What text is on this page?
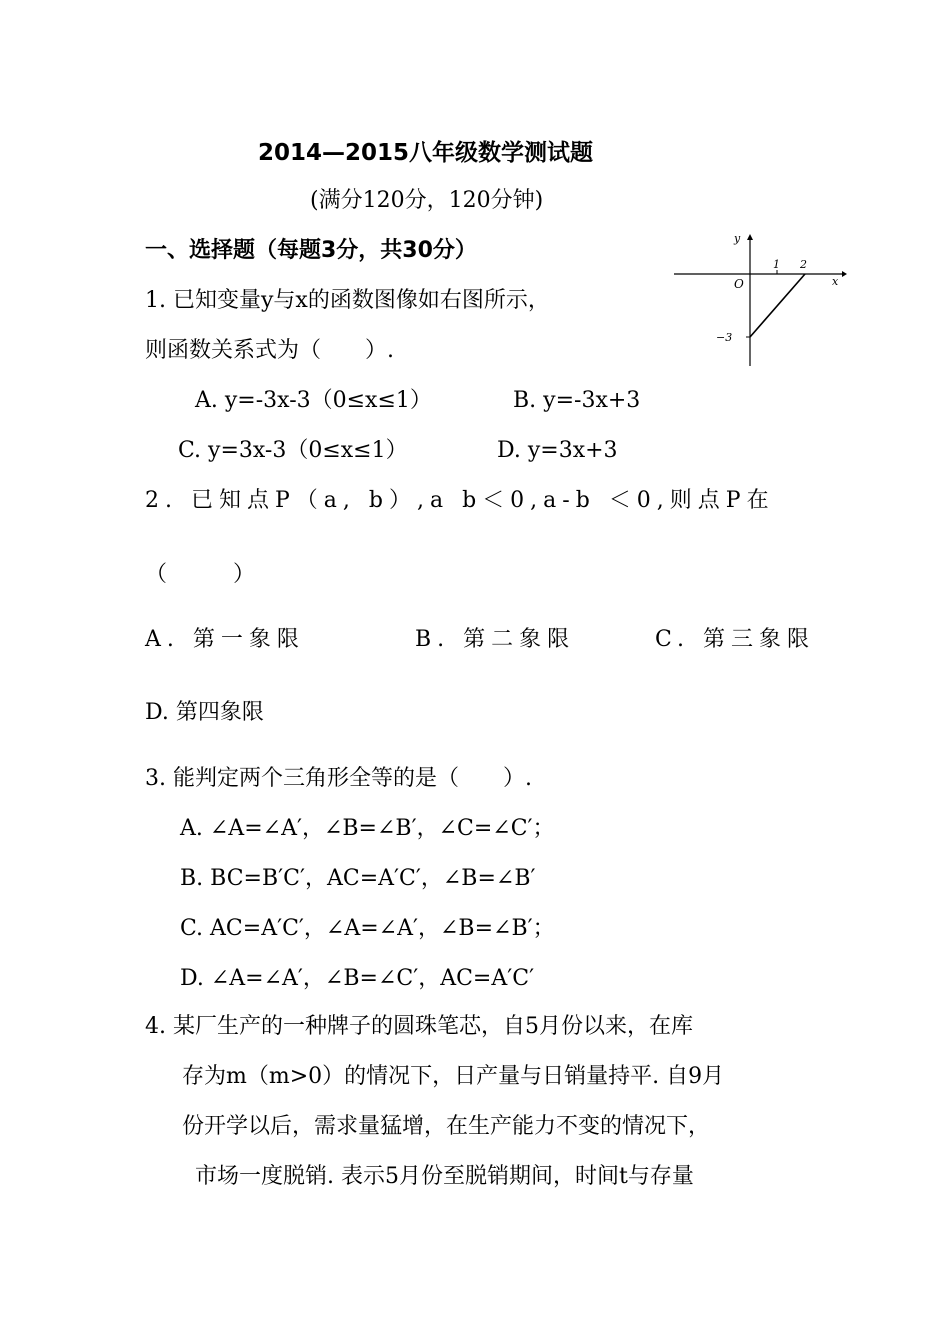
2014—2015八年级数学测试题
(满分120分，120分钟)
一、选择题（每题3分，共30分）
1. 已知变量y与x的函数图像如右图所示，
则函数关系式为（　　）.
A. y=-3x-3（0≤x≤1）	B. y=-3x+3
C. y=3x-3（0≤x≤1）	D. y=3x+3
y
x
O
1 2
−3
2. 已知点P（a, b）,a b＜0,a-b ＜0,则点P在
（　　　）
A. 第一象限	B. 第二象限	C. 第三象限
D. 第四象限
3. 能判定两个三角形全等的是（　　）.
A. ∠A=∠A′，∠B=∠B′，∠C=∠C′；
B. BC=B′C′，AC=A′C′，∠B=∠B′
C. AC=A′C′，∠A=∠A′，∠B=∠B′；
D. ∠A=∠A′，∠B=∠C′，AC=A′C′
4. 某厂生产的一种牌子的圆珠笔芯，自5月份以来，在库
存为m（m>0）的情况下，日产量与日销量持平. 自9月
份开学以后，需求量猛增，在生产能力不变的情况下，
市场一度脱销. 表示5月份至脱销期间，时间t与存量
